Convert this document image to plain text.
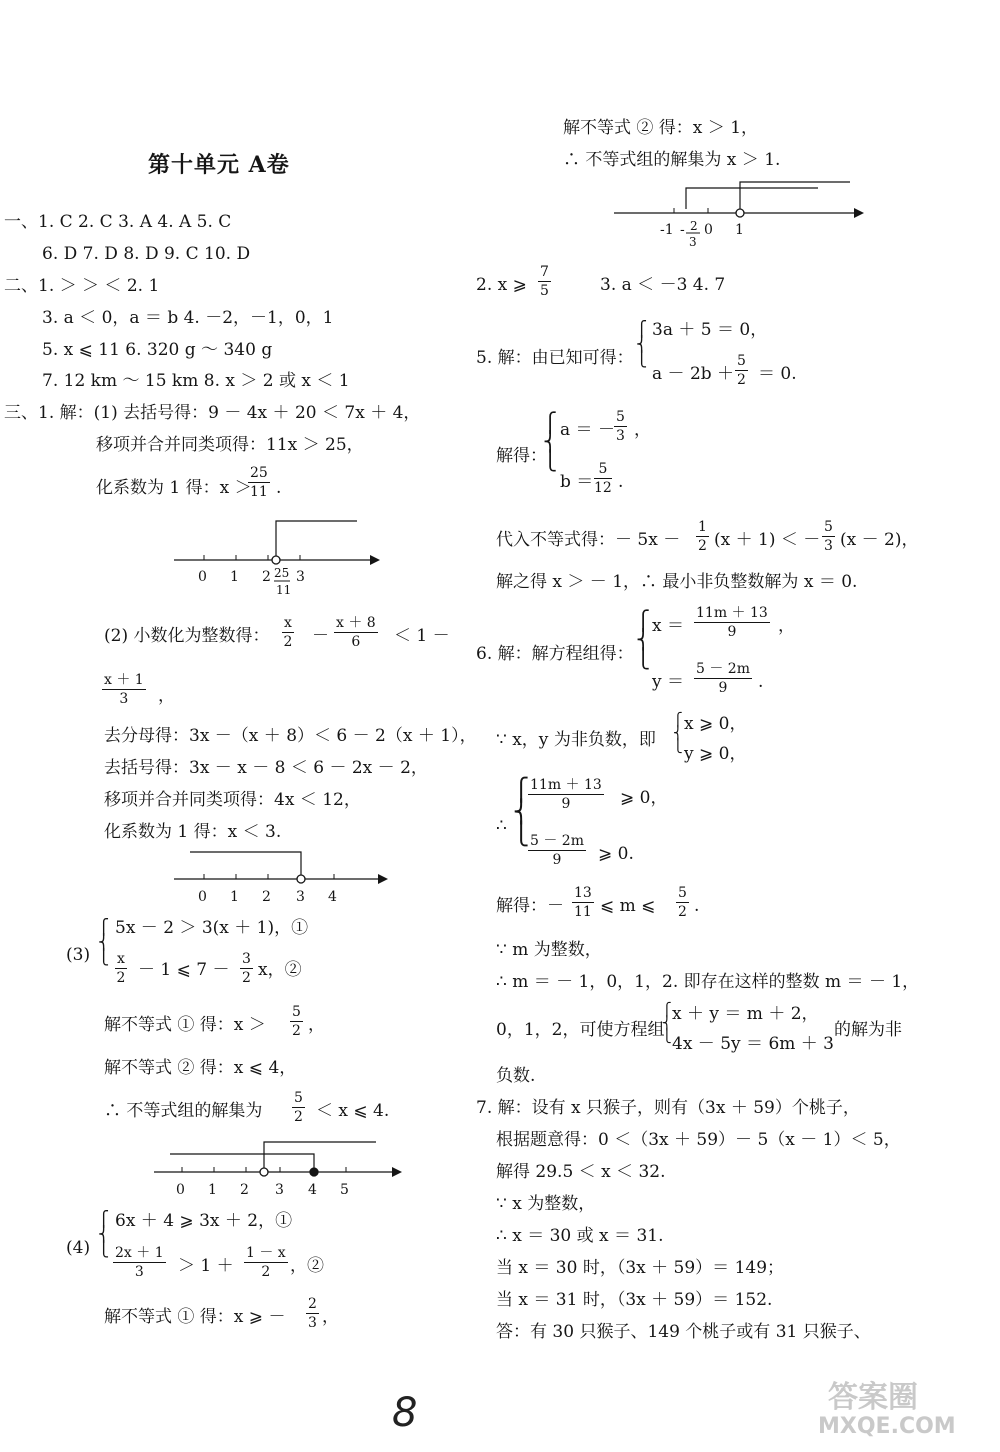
第十单元 A卷
一、1. C 2. C 3. A 4. A 5. C
6. D 7. D 8. D 9. C 10. D
二、1. ＞ ＞ ＜ 2. 1
3. a ＜ 0，a ＝ b 4. －2，－1，0，1
5. x ⩽ 11 6. 320 g ～ 340 g
7. 12 km ～ 15 km 8. x ＞ 2 或 x ＜ 1
三、1. 解：(1) 去括号得：9 － 4x ＋ 20 ＜ 7x ＋ 4，
移项并合并同类项得：11x ＞ 25，
化系数为 1 得：x ＞
$\frac{25}{11}$ .
0 1 2 3
25
11
(2) 小数化为整数得： $\frac{x}{2} - \frac{x + 8}{6} < 1$ －
$\frac{x + 1}{3}$ ，
去分母得：3x －（x ＋ 8）＜ 6 － 2（x ＋ 1），
去括号得：3x － x － 8 ＜ 6 － 2x － 2，
移项并合并同类项得：4x ＜ 12，
化系数为 1 得：x ＜ 3.
0 1 2 3 4
(3)
⎧
⎨
⎩
5x － 2 ＞ 3(x ＋ 1)，①
$\frac{x}{2} - 1$ ⩽ $7 - \frac{3}{2}$ x，②
解不等式 ① 得：$x > \frac{5}{2}$ ，
解不等式 ② 得：x ⩽ 4，
∴ 不等式组的解集为 $\frac{5}{2} < x$ ⩽ 4.
0 1 2 3 4 5
(4)
⎧
⎨
⎩
6x ＋ 4 ⩾ 3x ＋ 2，①
$\frac{2x + 1}{3} > 1 + \frac{1 - x}{2}$ ，②
解不等式 ① 得：x ⩾ － $\frac{2}{3}$ ，
解不等式 ② 得：x ＞ 1，
∴ 不等式组的解集为 x ＞ 1.
-1 - 2
3
0 1
2. x ⩾ $\frac{7}{5}$	3. a ＜ －3 4. 7
5. 解：由已知可得：
⎧
⎨
⎩
3a ＋ 5 ＝ 0，
$a - 2b + \frac{5}{2} = 0$.
解得：
⎧
⎨
⎩
a ＝ － $\frac{5}{3}$ ，
$b = \frac{5}{12}$ .
代入不等式得：－ $5x - \frac{1}{2} (x + 1)$ ＜ － $\frac{5}{3} (x - 2)$，
解之得 x ＞ － 1，∴ 最小非负整数解为 x ＝ 0.
6. 解：解方程组得：
⎧
⎨
⎩
$x = \frac{11m + 13}{9}$ ，
$y = \frac{5 - 2m}{9}$ .
∵ x，y 为非负数，即
⎧
⎨
⎩
x ⩾ 0，
y ⩾ 0，
∴
⎧
⎨
⎩
$\frac{11m + 13}{9}$ ⩾ 0，
$\frac{5 - 2m}{9}$ ⩾ 0.
解得：－ $\frac{13}{11}$ ⩽ m ⩽ $\frac{5}{2}$ .
∵ m 为整数，
∴ m ＝ － 1，0，1，2. 即存在这样的整数 m ＝ － 1，
0，1，2，可使方程组
⎧
⎨
⎩
x ＋ y ＝ m ＋ 2，
4x － 5y ＝ 6m ＋ 3
的解为非
负数.
7. 解：设有 x 只猴子，则有（3x ＋ 59）个桃子，
根据题意得：0 ＜（3x ＋ 59）－ 5（x － 1）＜ 5，
解得 29.5 ＜ x ＜ 32.
∵ x 为整数，
∴ x ＝ 30 或 x ＝ 31.
当 x ＝ 30 时，（3x ＋ 59）＝ 149；
当 x ＝ 31 时，（3x ＋ 59）＝ 152.
答：有 30 只猴子、149 个桃子或有 31 只猴子、
8	答案圈
MXQE.COM
